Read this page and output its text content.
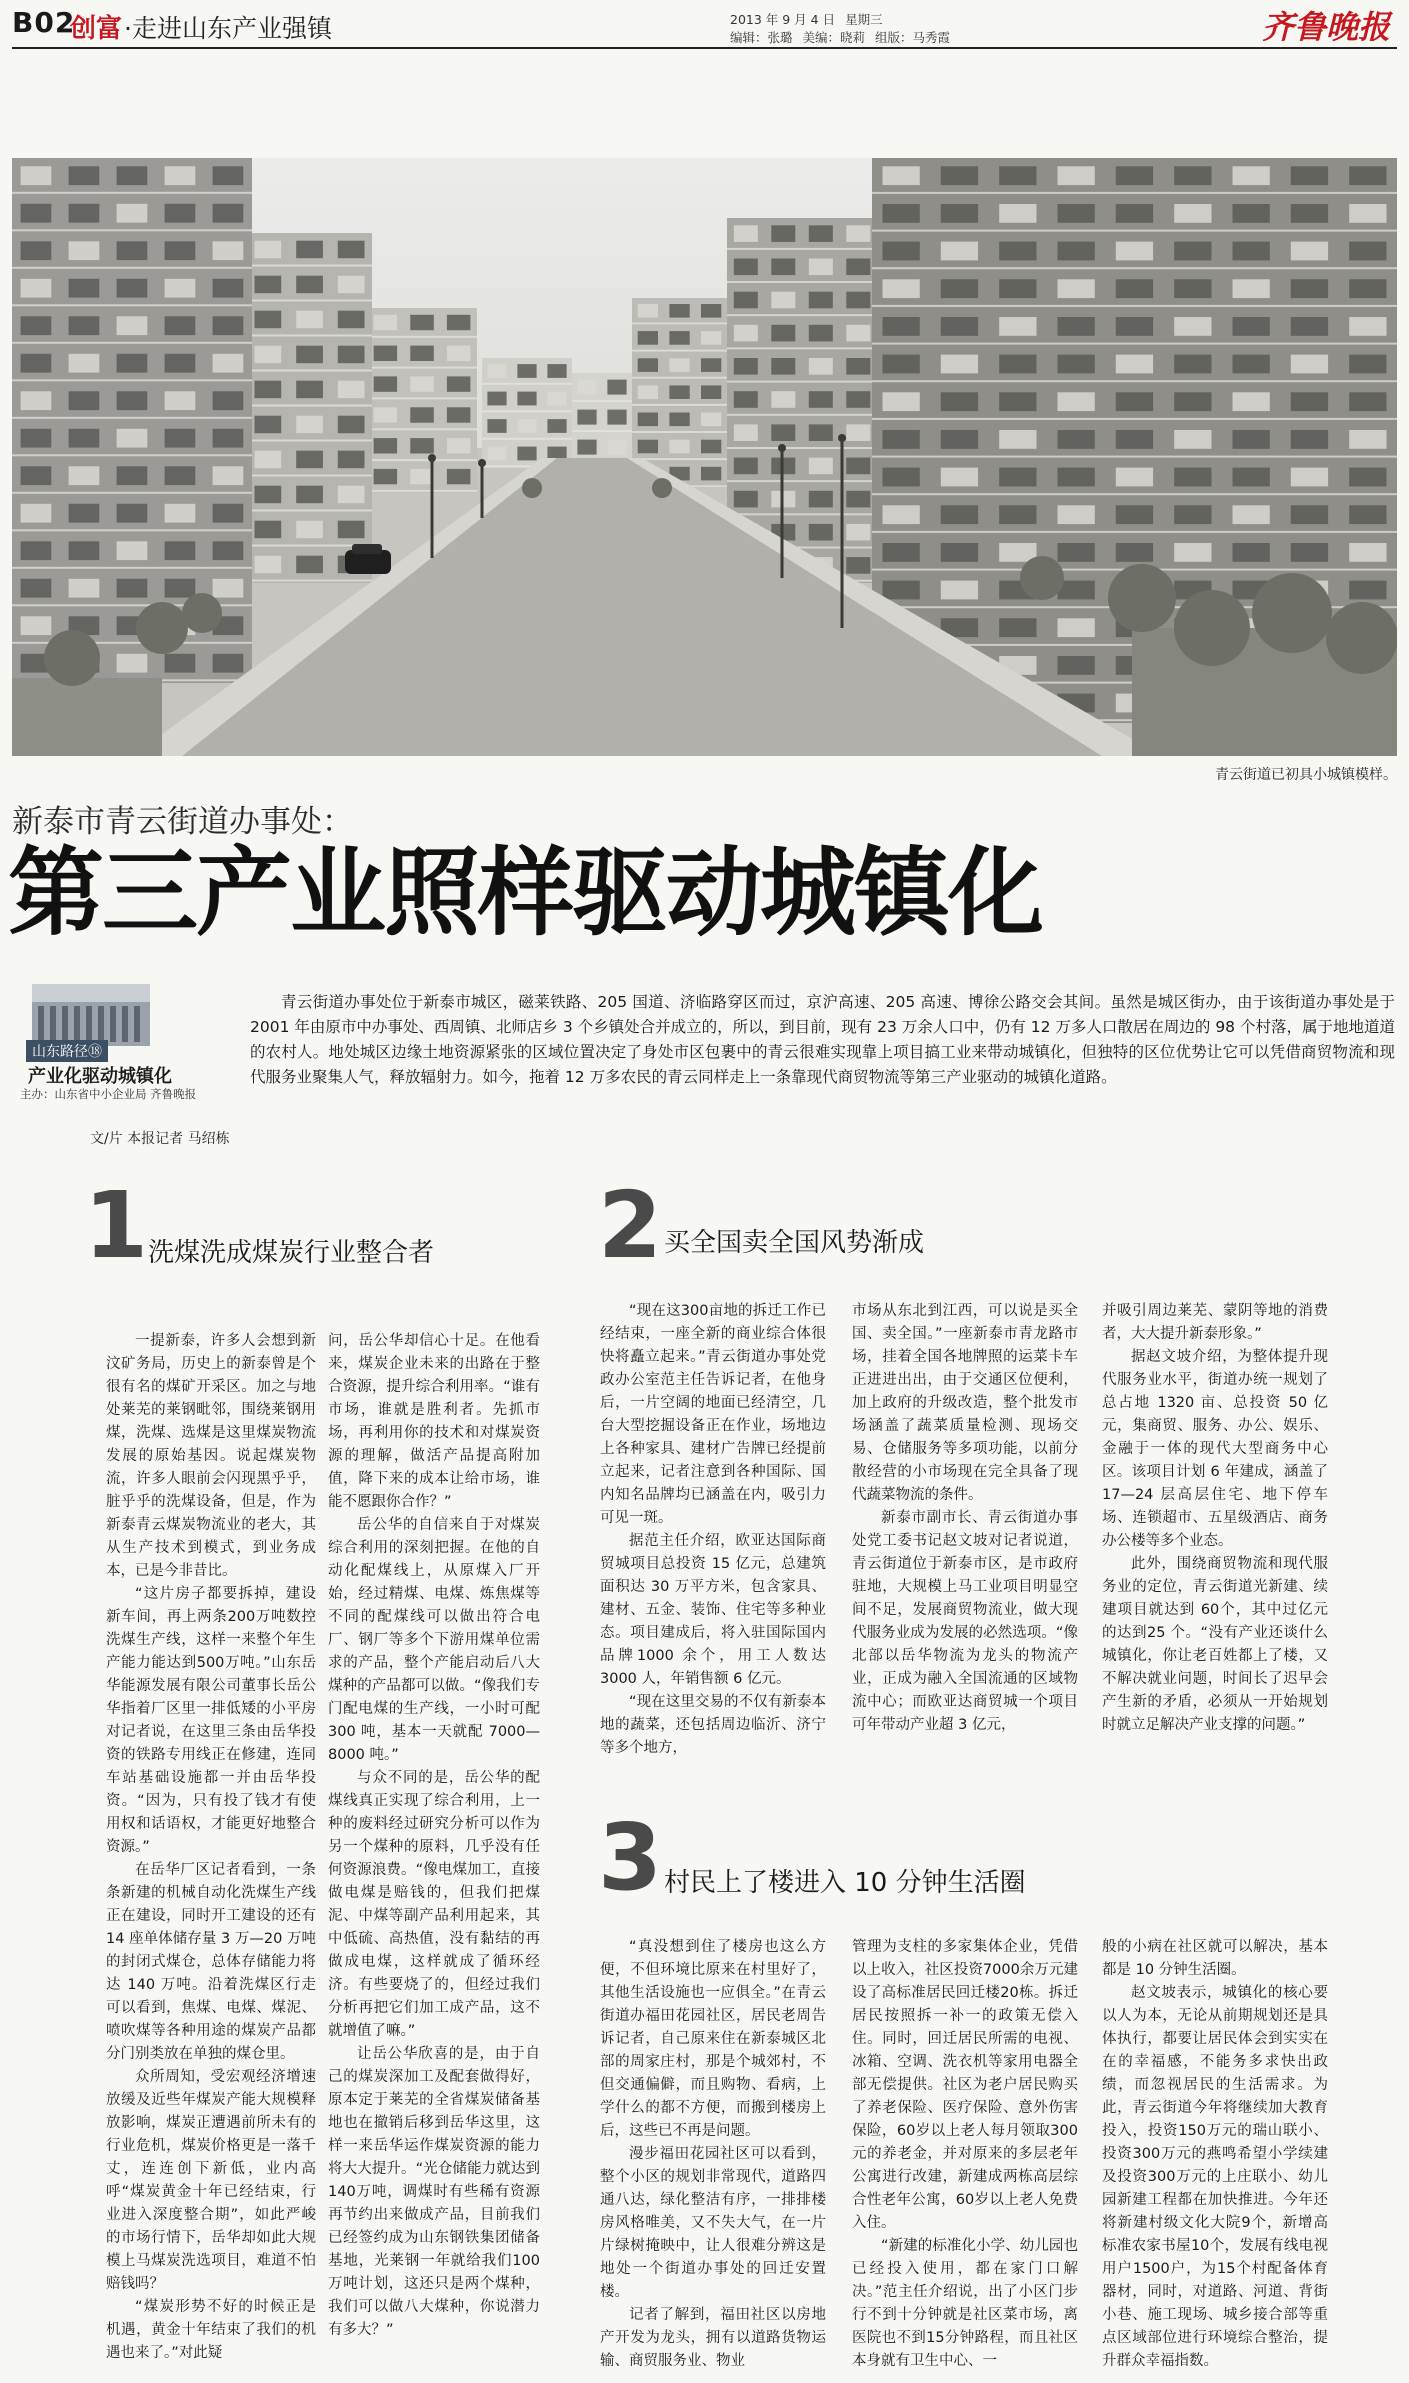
B02
创富 ·走进山东产业强镇	2013 年 9 月 4 日 星期三
编辑：张璐 美编：晓莉 组版：马秀霞	齐鲁晚报
青云街道已初具小城镇模样。
新泰市青云街道办事处：
第三产业照样驱动城镇化
山东路径⑱
产业化驱动城镇化
主办：山东省中小企业局 齐鲁晚报

青云街道办事处位于新泰市城区，磁莱铁路、205 国道、济临路穿区而过，京沪高速、205 高速、博徐公路交会其间。虽然是城区街办，由于该街道办事处是于 2001 年由原市中办事处、西周镇、北师店乡 3 个乡镇处合并成立的，所以，到目前，现有 23 万余人口中，仍有 12 万多人口散居在周边的 98 个村落，属于地地道道的农村人。地处城区边缘土地资源紧张的区域位置决定了身处市区包裹中的青云很难实现靠上项目搞工业来带动城镇化，但独特的区位优势让它可以凭借商贸物流和现代服务业聚集人气，释放辐射力。如今，拖着 12 万多农民的青云同样走上一条靠现代商贸物流等第三产业驱动的城镇化道路。

文/片 本报记者 马绍栋
1 洗煤洗成煤炭行业整合者

一提新泰，许多人会想到新汶矿务局，历史上的新泰曾是个很有名的煤矿开采区。加之与地处莱芜的莱钢毗邻，围绕莱钢用煤，洗煤、选煤是这里煤炭物流发展的原始基因。说起煤炭物流，许多人眼前会闪现黑乎乎，脏乎乎的洗煤设备，但是，作为新泰青云煤炭物流业的老大，其从生产技术到模式，到业务成本，已是今非昔比。

“这片房子都要拆掉，建设新车间，再上两条200万吨数控洗煤生产线，这样一来整个年生产能力能达到500万吨。”山东岳华能源发展有限公司董事长岳公华指着厂区里一排低矮的小平房对记者说，在这里三条由岳华投资的铁路专用线正在修建，连同车站基础设施都一并由岳华投资。“因为，只有投了钱才有使用权和话语权，才能更好地整合资源。”

在岳华厂区记者看到，一条条新建的机械自动化洗煤生产线正在建设，同时开工建设的还有 14 座单体储存量 3 万—20 万吨的封闭式煤仓，总体存储能力将达 140 万吨。沿着洗煤区行走可以看到，焦煤、电煤、煤泥、喷吹煤等各种用途的煤炭产品都分门别类放在单独的煤仓里。

众所周知，受宏观经济增速放缓及近些年煤炭产能大规模释放影响，煤炭正遭遇前所未有的行业危机，煤炭价格更是一落千丈，连连创下新低，业内高呼“煤炭黄金十年已经结束，行业进入深度整合期”，如此严峻的市场行情下，岳华却如此大规模上马煤炭洗选项目，难道不怕赔钱吗？

“煤炭形势不好的时候正是机遇，黄金十年结束了我们的机遇也来了。”对此疑

问，岳公华却信心十足。在他看来，煤炭企业未来的出路在于整合资源，提升综合利用率。“谁有市场，谁就是胜利者。先抓市场，再利用你的技术和对煤炭资源的理解，做活产品提高附加值，降下来的成本让给市场，谁能不愿跟你合作？”

岳公华的自信来自于对煤炭综合利用的深刻把握。在他的自动化配煤线上，从原煤入厂开始，经过精煤、电煤、炼焦煤等不同的配煤线可以做出符合电厂、钢厂等多个下游用煤单位需求的产品，整个产能启动后八大煤种的产品都可以做。“像我们专门配电煤的生产线，一小时可配 300 吨，基本一天就配 7000—8000 吨。”

与众不同的是，岳公华的配煤线真正实现了综合利用，上一种的废料经过研究分析可以作为另一个煤种的原料，几乎没有任何资源浪费。“像电煤加工，直接做电煤是赔钱的，但我们把煤泥、中煤等副产品利用起来，其中低硫、高热值，没有黏结的再做成电煤，这样就成了循环经济。有些要烧了的，但经过我们分析再把它们加工成产品，这不就增值了嘛。”

让岳公华欣喜的是，由于自己的煤炭深加工及配套做得好，原本定于莱芜的全省煤炭储备基地也在撤销后移到岳华这里，这样一来岳华运作煤炭资源的能力将大大提升。“光仓储能力就达到 140万吨，调煤时有些稀有资源再节约出来做成产品，目前我们已经签约成为山东钢铁集团储备基地，光莱钢一年就给我们100万吨计划，这还只是两个煤种，我们可以做八大煤种，你说潜力有多大？”

2 买全国卖全国风势渐成

“现在这300亩地的拆迁工作已经结束，一座全新的商业综合体很快将矗立起来。”青云街道办事处党政办公室范主任告诉记者，在他身后，一片空阔的地面已经清空，几台大型挖掘设备正在作业，场地边上各种家具、建材广告牌已经提前立起来，记者注意到各种国际、国内知名品牌均已涵盖在内，吸引力可见一斑。

据范主任介绍，欧亚达国际商贸城项目总投资 15 亿元，总建筑面积达 30 万平方米，包含家具、建材、五金、装饰、住宅等多种业态。项目建成后，将入驻国际国内品牌1000 余个，用工人数达 3000 人，年销售额 6 亿元。

“现在这里交易的不仅有新泰本地的蔬菜，还包括周边临沂、济宁等多个地方，

市场从东北到江西，可以说是买全国、卖全国。”一座新泰市青龙路市场，挂着全国各地牌照的运菜卡车正进进出出，由于交通区位便利，加上政府的升级改造，整个批发市场涵盖了蔬菜质量检测、现场交易、仓储服务等多项功能，以前分散经营的小市场现在完全具备了现代蔬菜物流的条件。

新泰市副市长、青云街道办事处党工委书记赵文坡对记者说道，青云街道位于新泰市区，是市政府驻地，大规模上马工业项目明显空间不足，发展商贸物流业，做大现代服务业成为发展的必然选项。“像北部以岳华物流为龙头的物流产业，正成为融入全国流通的区域物流中心；而欧亚达商贸城一个项目可年带动产业超 3 亿元，

并吸引周边莱芜、蒙阴等地的消费者，大大提升新泰形象。”

据赵文坡介绍，为整体提升现代服务业水平，街道办统一规划了总占地 1320 亩、总投资 50 亿元，集商贸、服务、办公、娱乐、金融于一体的现代大型商务中心区。该项目计划 6 年建成，涵盖了 17—24 层高层住宅、地下停车场、连锁超市、五星级酒店、商务办公楼等多个业态。

此外，围绕商贸物流和现代服务业的定位，青云街道光新建、续建项目就达到 60个，其中过亿元的达到25 个。“没有产业还谈什么城镇化，你让老百姓都上了楼，又不解决就业问题，时间长了迟早会产生新的矛盾，必须从一开始规划时就立足解决产业支撑的问题。”

3 村民上了楼进入 10 分钟生活圈

“真没想到住了楼房也这么方便，不但环境比原来在村里好了，其他生活设施也一应俱全。”在青云街道办福田花园社区，居民老周告诉记者，自己原来住在新泰城区北部的周家庄村，那是个城郊村，不但交通偏僻，而且购物、看病，上学什么的都不方便，而搬到楼房上后，这些已不再是问题。

漫步福田花园社区可以看到，整个小区的规划非常现代，道路四通八达，绿化整洁有序，一排排楼房风格唯美，又不失大气，在一片片绿树掩映中，让人很难分辨这是地处一个街道办事处的回迁安置楼。

记者了解到，福田社区以房地产开发为龙头，拥有以道路货物运输、商贸服务业、物业

管理为支柱的多家集体企业，凭借以上收入，社区投资7000余万元建设了高标准居民回迁楼20栋。拆迁居民按照拆一补一的政策无偿入住。同时，回迁居民所需的电视、冰箱、空调、洗衣机等家用电器全部无偿提供。社区为老户居民购买了养老保险、医疗保险、意外伤害保险，60岁以上老人每月领取300元的养老金，并对原来的多层老年公寓进行改建，新建成两栋高层综合性老年公寓，60岁以上老人免费入住。

“新建的标准化小学、幼儿园也已经投入使用，都在家门口解决。”范主任介绍说，出了小区门步行不到十分钟就是社区菜市场，离医院也不到15分钟路程，而且社区本身就有卫生中心、一

般的小病在社区就可以解决，基本都是 10 分钟生活圈。

赵文坡表示，城镇化的核心要以人为本，无论从前期规划还是具体执行，都要让居民体会到实实在在的幸福感，不能务多求快出政绩，而忽视居民的生活需求。为此，青云街道今年将继续加大教育投入，投资150万元的瑞山联小、投资300万元的燕鸣希望小学续建及投资300万元的上庄联小、幼儿园新建工程都在加快推进。今年还将新建村级文化大院9个，新增高标准农家书屋10个，发展有线电视用户1500户，为15个村配备体育器材，同时，对道路、河道、背街小巷、施工现场、城乡接合部等重点区域部位进行环境综合整治，提升群众幸福指数。
